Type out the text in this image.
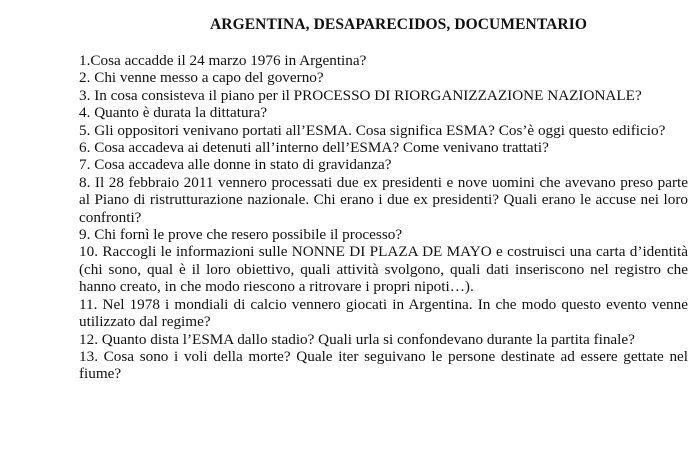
ARGENTINA, DESAPARECIDOS, DOCUMENTARIO
1.Cosa accadde il 24 marzo 1976 in Argentina?
2. Chi venne messo a capo del governo?
3. In cosa consisteva il piano per il PROCESSO DI RIORGANIZZAZIONE NAZIONALE?
4. Quanto è durata la dittatura?
5. Gli oppositori venivano portati all’ESMA. Cosa significa ESMA? Cos’è oggi questo edificio?
6. Cosa accadeva ai detenuti all’interno dell’ESMA? Come venivano trattati?
7. Cosa accadeva alle donne in stato di gravidanza?
8. Il 28 febbraio 2011 vennero processati due ex presidenti e nove uomini che avevano preso parte al Piano di ristrutturazione nazionale. Chi erano i due ex presidenti? Quali erano le accuse nei loro confronti?
9. Chi fornì le prove che resero possibile il processo?
10. Raccogli le informazioni sulle NONNE DI PLAZA DE MAYO e costruisci una carta d’identità (chi sono, qual è il loro obiettivo, quali attività svolgono, quali dati inseriscono nel registro che hanno creato, in che modo riescono a ritrovare i propri nipoti…).
11. Nel 1978 i mondiali di calcio vennero giocati in Argentina. In che modo questo evento venne utilizzato dal regime?
12. Quanto dista l’ESMA dallo stadio? Quali urla si confondevano durante la partita finale?
13. Cosa sono i voli della morte? Quale iter seguivano le persone destinate ad essere gettate nel fiume?
